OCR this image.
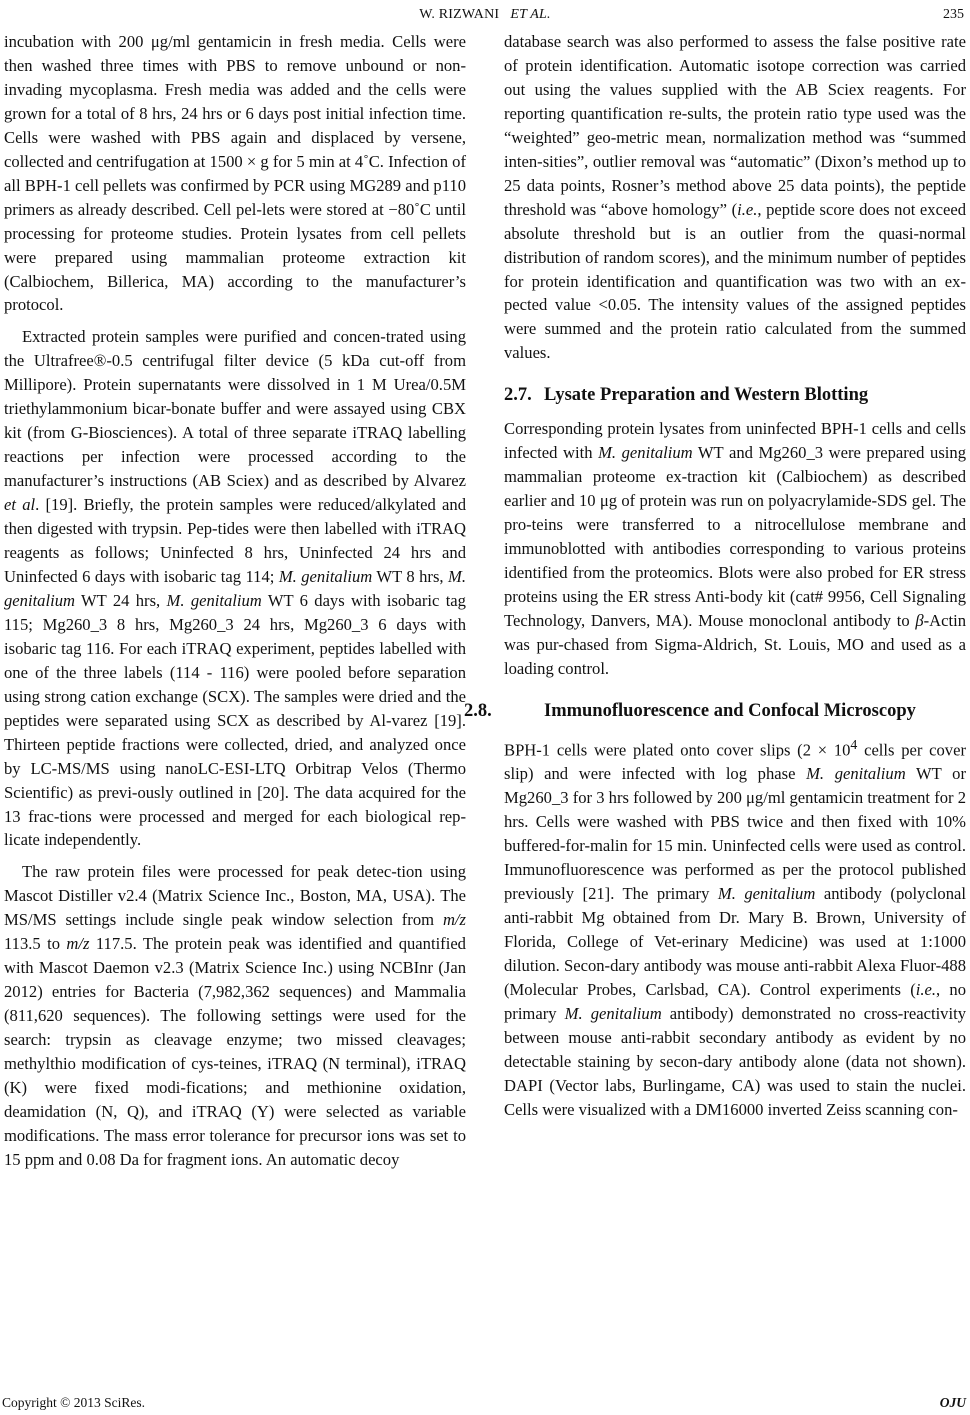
W. RIZWANI ET AL.	235

incubation with 200 μg/ml gentamicin in fresh media. Cells were then washed three times with PBS to remove unbound or non-invading mycoplasma. Fresh media was added and the cells were grown for a total of 8 hrs, 24 hrs or 6 days post initial infection time. Cells were washed with PBS again and displaced by versene, collected and centrifugation at 1500 × g for 5 min at 4˚C. Infection of all BPH-1 cell pellets was confirmed by PCR using MG289 and p110 primers as already described. Cell pel-lets were stored at −80˚C until processing for proteome studies. Protein lysates from cell pellets were prepared using mammalian proteome extraction kit (Calbiochem, Billerica, MA) according to the manufacturer’s protocol.

Extracted protein samples were purified and concen-trated using the Ultrafree®-0.5 centrifugal filter device (5 kDa cut-off from Millipore). Protein supernatants were dissolved in 1 M Urea/0.5M triethylammonium bicar-bonate buffer and were assayed using CBX kit (from G-Biosciences). A total of three separate iTRAQ labelling reactions per infection were processed according to the manufacturer’s instructions (AB Sciex) and as described by Alvarez et al. [19]. Briefly, the protein samples were reduced/alkylated and then digested with trypsin. Pep-tides were then labelled with iTRAQ reagents as follows; Uninfected 8 hrs, Uninfected 24 hrs and Uninfected 6 days with isobaric tag 114; M. genitalium WT 8 hrs, M. genitalium WT 24 hrs, M. genitalium WT 6 days with isobaric tag 115; Mg260_3 8 hrs, Mg260_3 24 hrs, Mg260_3 6 days with isobaric tag 116. For each iTRAQ experiment, peptides labelled with one of the three labels (114 - 116) were pooled before separation using strong cation exchange (SCX). The samples were dried and the peptides were separated using SCX as described by Al-varez [19]. Thirteen peptide fractions were collected, dried, and analyzed once by LC-MS/MS using nanoLC-ESI-LTQ Orbitrap Velos (Thermo Scientific) as previ-ously outlined in [20]. The data acquired for the 13 frac-tions were processed and merged for each biological rep-licate independently.

The raw protein files were processed for peak detec-tion using Mascot Distiller v2.4 (Matrix Science Inc., Boston, MA, USA). The MS/MS settings include single peak window selection from m/z 113.5 to m/z 117.5. The protein peak was identified and quantified with Mascot Daemon v2.3 (Matrix Science Inc.) using NCBInr (Jan 2012) entries for Bacteria (7,982,362 sequences) and Mammalia (811,620 sequences). The following settings were used for the search: trypsin as cleavage enzyme; two missed cleavages; methylthio modification of cys-teines, iTRAQ (N terminal), iTRAQ (K) were fixed modi-fications; and methionine oxidation, deamidation (N, Q), and iTRAQ (Y) were selected as variable modifications. The mass error tolerance for precursor ions was set to 15 ppm and 0.08 Da for fragment ions. An automatic decoy

database search was also performed to assess the false positive rate of protein identification. Automatic isotope correction was carried out using the values supplied with the AB Sciex reagents. For reporting quantification re-sults, the protein ratio type used was the “weighted” geo-metric mean, normalization method was “summed inten-sities”, outlier removal was “automatic” (Dixon’s method up to 25 data points, Rosner’s method above 25 data points), the peptide threshold was “above homology” (i.e., peptide score does not exceed absolute threshold but is an outlier from the quasi-normal distribution of random scores), and the minimum number of peptides for protein identification and quantification was two with an ex-pected value <0.05. The intensity values of the assigned peptides were summed and the protein ratio calculated from the summed values.

2.7. Lysate Preparation and Western Blotting

Corresponding protein lysates from uninfected BPH-1 cells and cells infected with M. genitalium WT and Mg260_3 were prepared using mammalian proteome ex-traction kit (Calbiochem) as described earlier and 10 μg of protein was run on polyacrylamide-SDS gel. The pro-teins were transferred to a nitrocellulose membrane and immunoblotted with antibodies corresponding to various proteins identified from the proteomics. Blots were also probed for ER stress proteins using the ER stress Anti-body kit (cat# 9956, Cell Signaling Technology, Danvers, MA). Mouse monoclonal antibody to β-Actin was pur-chased from Sigma-Aldrich, St. Louis, MO and used as a loading control.

2.8.	Immunofluorescence and Confocal Microscopy

BPH-1 cells were plated onto cover slips ($2 \times 10^4$ cells per cover slip) and were infected with log phase M. genitalium WT or Mg260_3 for 3 hrs followed by 200 μg/ml gentamicin treatment for 2 hrs. Cells were washed with PBS twice and then fixed with 10% buffered-for-malin for 15 min. Uninfected cells were used as control. Immunofluorescence was performed as per the protocol published previously [21]. The primary M. genitalium antibody (polyclonal anti-rabbit Mg obtained from Dr. Mary B. Brown, University of Florida, College of Vet-erinary Medicine) was used at 1:1000 dilution. Secon-dary antibody was mouse anti-rabbit Alexa Fluor-488 (Molecular Probes, Carlsbad, CA). Control experiments (i.e., no primary M. genitalium antibody) demonstrated no cross-reactivity between mouse anti-rabbit secondary antibody as evident by no detectable staining by secon-dary antibody alone (data not shown). DAPI (Vector labs, Burlingame, CA) was used to stain the nuclei. Cells were visualized with a DM16000 inverted Zeiss scanning con-

Copyright © 2013 SciRes.	OJU
